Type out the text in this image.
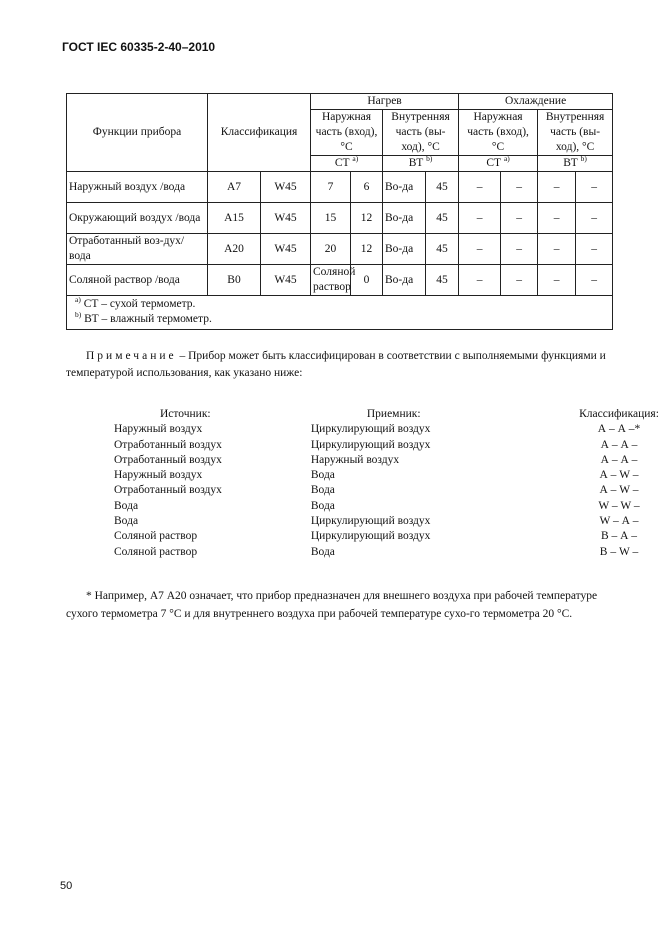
ГОСТ IEC 60335-2-40–2010
Функции прибора	Классификация		Нагрев				Охлаждение			
			Наружная часть (вход), °С		Внутренняя часть (вы-ход), °С		Наружная часть (вход), °С		Внутренняя часть (вы-ход), °С	
			СТ $^{a)}$		ВТ $^{b)}$		СТ $^{a)}$		ВТ $^{b)}$
Наружный воздух /вода	А7	W45	7	6	Во-да	45	–	–	–	–
Окружающий воздух /вода	А15	W45	15	12	Во-да	45	–	–	–	–
Отработанный воз-дух/ вода	А20	W45	20	12	Во-да	45	–	–	–	–
Соляной раствор /вода	В0	W45	Соляной раствор	0	Во-да	45	–	–	–	–

$^{a)}$ СТ – сухой термометр.
$^{b)}$ ВТ – влажный термометр.										
Примечание – Прибор может быть классифицирован в соответствии с выполняемыми функциями и температурой использования, как указано ниже:
Источник:	Приемник:	Классификация:
Наружный воздух	Циркулирующий воздух	А – А –*
Отработанный воздух	Циркулирующий воздух	А – А –
Отработанный воздух	Наружный воздух	А – А –
Наружный воздух	Вода	А – W –
Отработанный воздух	Вода	А – W –
Вода	Вода	W – W –
Вода	Циркулирующий воздух	W – А –
Соляной раствор	Циркулирующий воздух	В – А –
Соляной раствор	Вода	В – W –
* Например, А7 А20 означает, что прибор предназначен для внешнего воздуха при рабочей температуре сухого термометра 7 °С и для внутреннего воздуха при рабочей температуре сухо-го термометра 20 °С.
50
